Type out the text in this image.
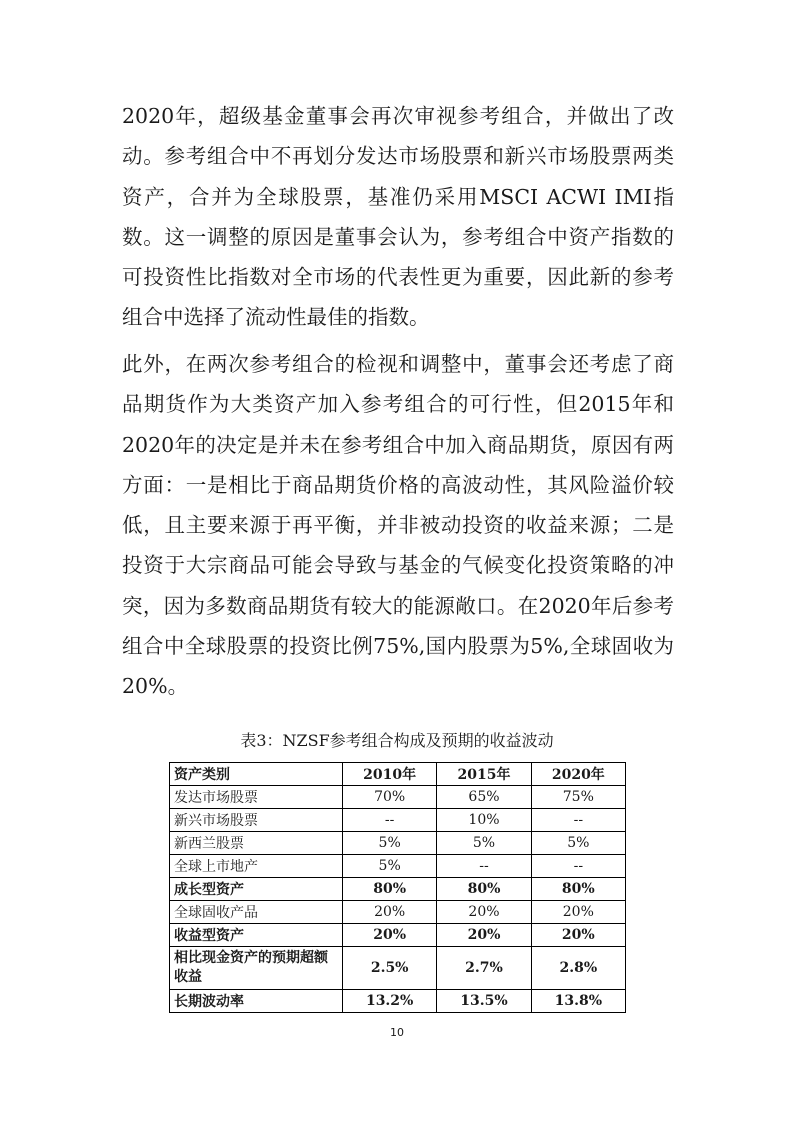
2020年，超级基金董事会再次审视参考组合，并做出了改动。参考组合中不再划分发达市场股票和新兴市场股票两类资产，合并为全球股票，基准仍采用MSCI ACWI IMI指数。这一调整的原因是董事会认为，参考组合中资产指数的可投资性比指数对全市场的代表性更为重要，因此新的参考组合中选择了流动性最佳的指数。

此外，在两次参考组合的检视和调整中，董事会还考虑了商品期货作为大类资产加入参考组合的可行性，但2015年和2020年的决定是并未在参考组合中加入商品期货，原因有两方面：一是相比于商品期货价格的高波动性，其风险溢价较低，且主要来源于再平衡，并非被动投资的收益来源；二是投资于大宗商品可能会导致与基金的气候变化投资策略的冲突，因为多数商品期货有较大的能源敞口。在2020年后参考组合中全球股票的投资比例75%,国内股票为5%,全球固收为20%。

表3：NZSF参考组合构成及预期的收益波动
资产类别	2010年	2015年	2020年
发达市场股票	70%	65%	75%
新兴市场股票	--	10%	--
新西兰股票	5%	5%	5%
全球上市地产	5%	--	--
成长型资产	80%	80%	80%
全球固收产品	20%	20%	20%
收益型资产	20%	20%	20%
相比现金资产的预期超额收益	2.5%	2.7%	2.8%
长期波动率	13.2%	13.5%	13.8%
10
